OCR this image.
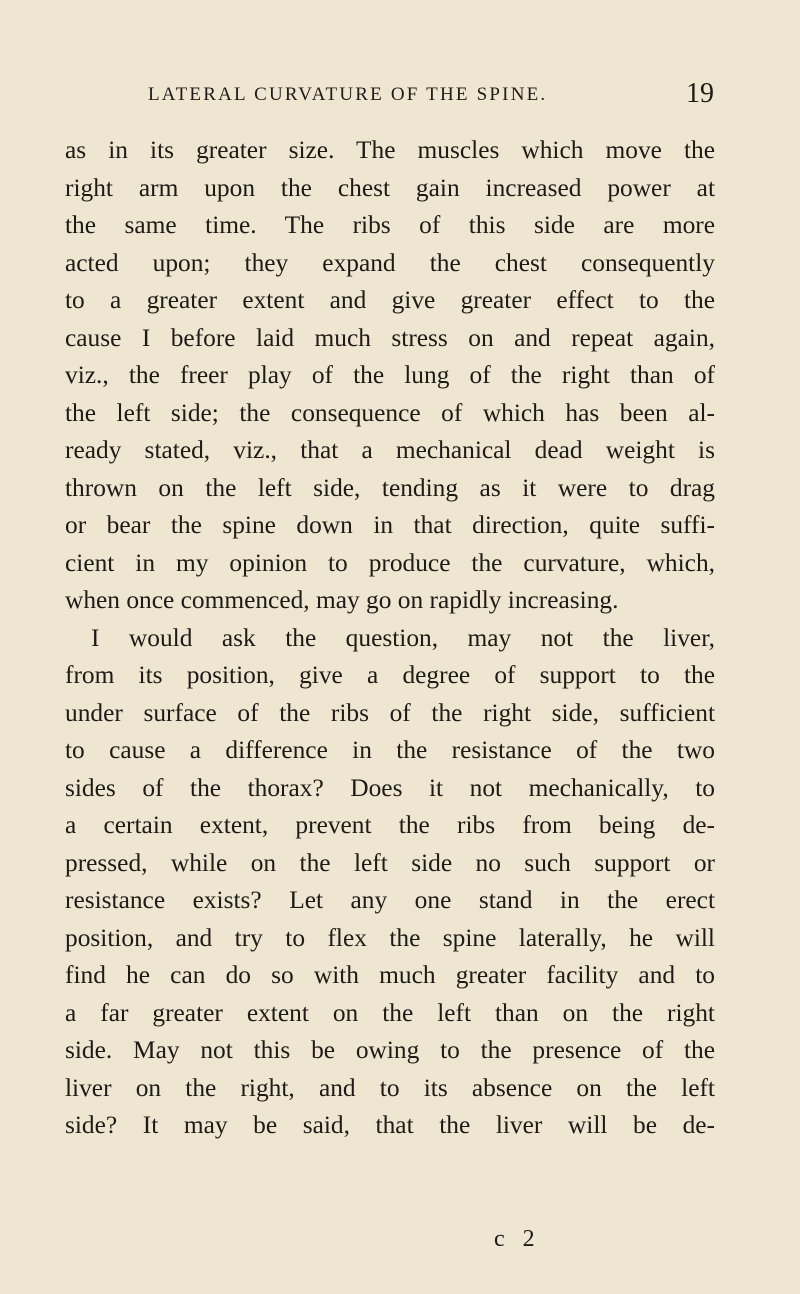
LATERAL CURVATURE OF THE SPINE.	19
as in its greater size. The muscles which move the
right arm upon the chest gain increased power at
the same time. The ribs of this side are more
acted upon; they expand the chest consequently
to a greater extent and give greater effect to the
cause I before laid much stress on and repeat again,
viz., the freer play of the lung of the right than of
the left side; the consequence of which has been al-
ready stated, viz., that a mechanical dead weight is
thrown on the left side, tending as it were to drag
or bear the spine down in that direction, quite suffi-
cient in my opinion to produce the curvature, which,
when once commenced, may go on rapidly increasing.
I would ask the question, may not the liver,
from its position, give a degree of support to the
under surface of the ribs of the right side, sufficient
to cause a difference in the resistance of the two
sides of the thorax? Does it not mechanically, to
a certain extent, prevent the ribs from being de-
pressed, while on the left side no such support or
resistance exists? Let any one stand in the erect
position, and try to flex the spine laterally, he will
find he can do so with much greater facility and to
a far greater extent on the left than on the right
side. May not this be owing to the presence of the
liver on the right, and to its absence on the left
side? It may be said, that the liver will be de-
c 2
